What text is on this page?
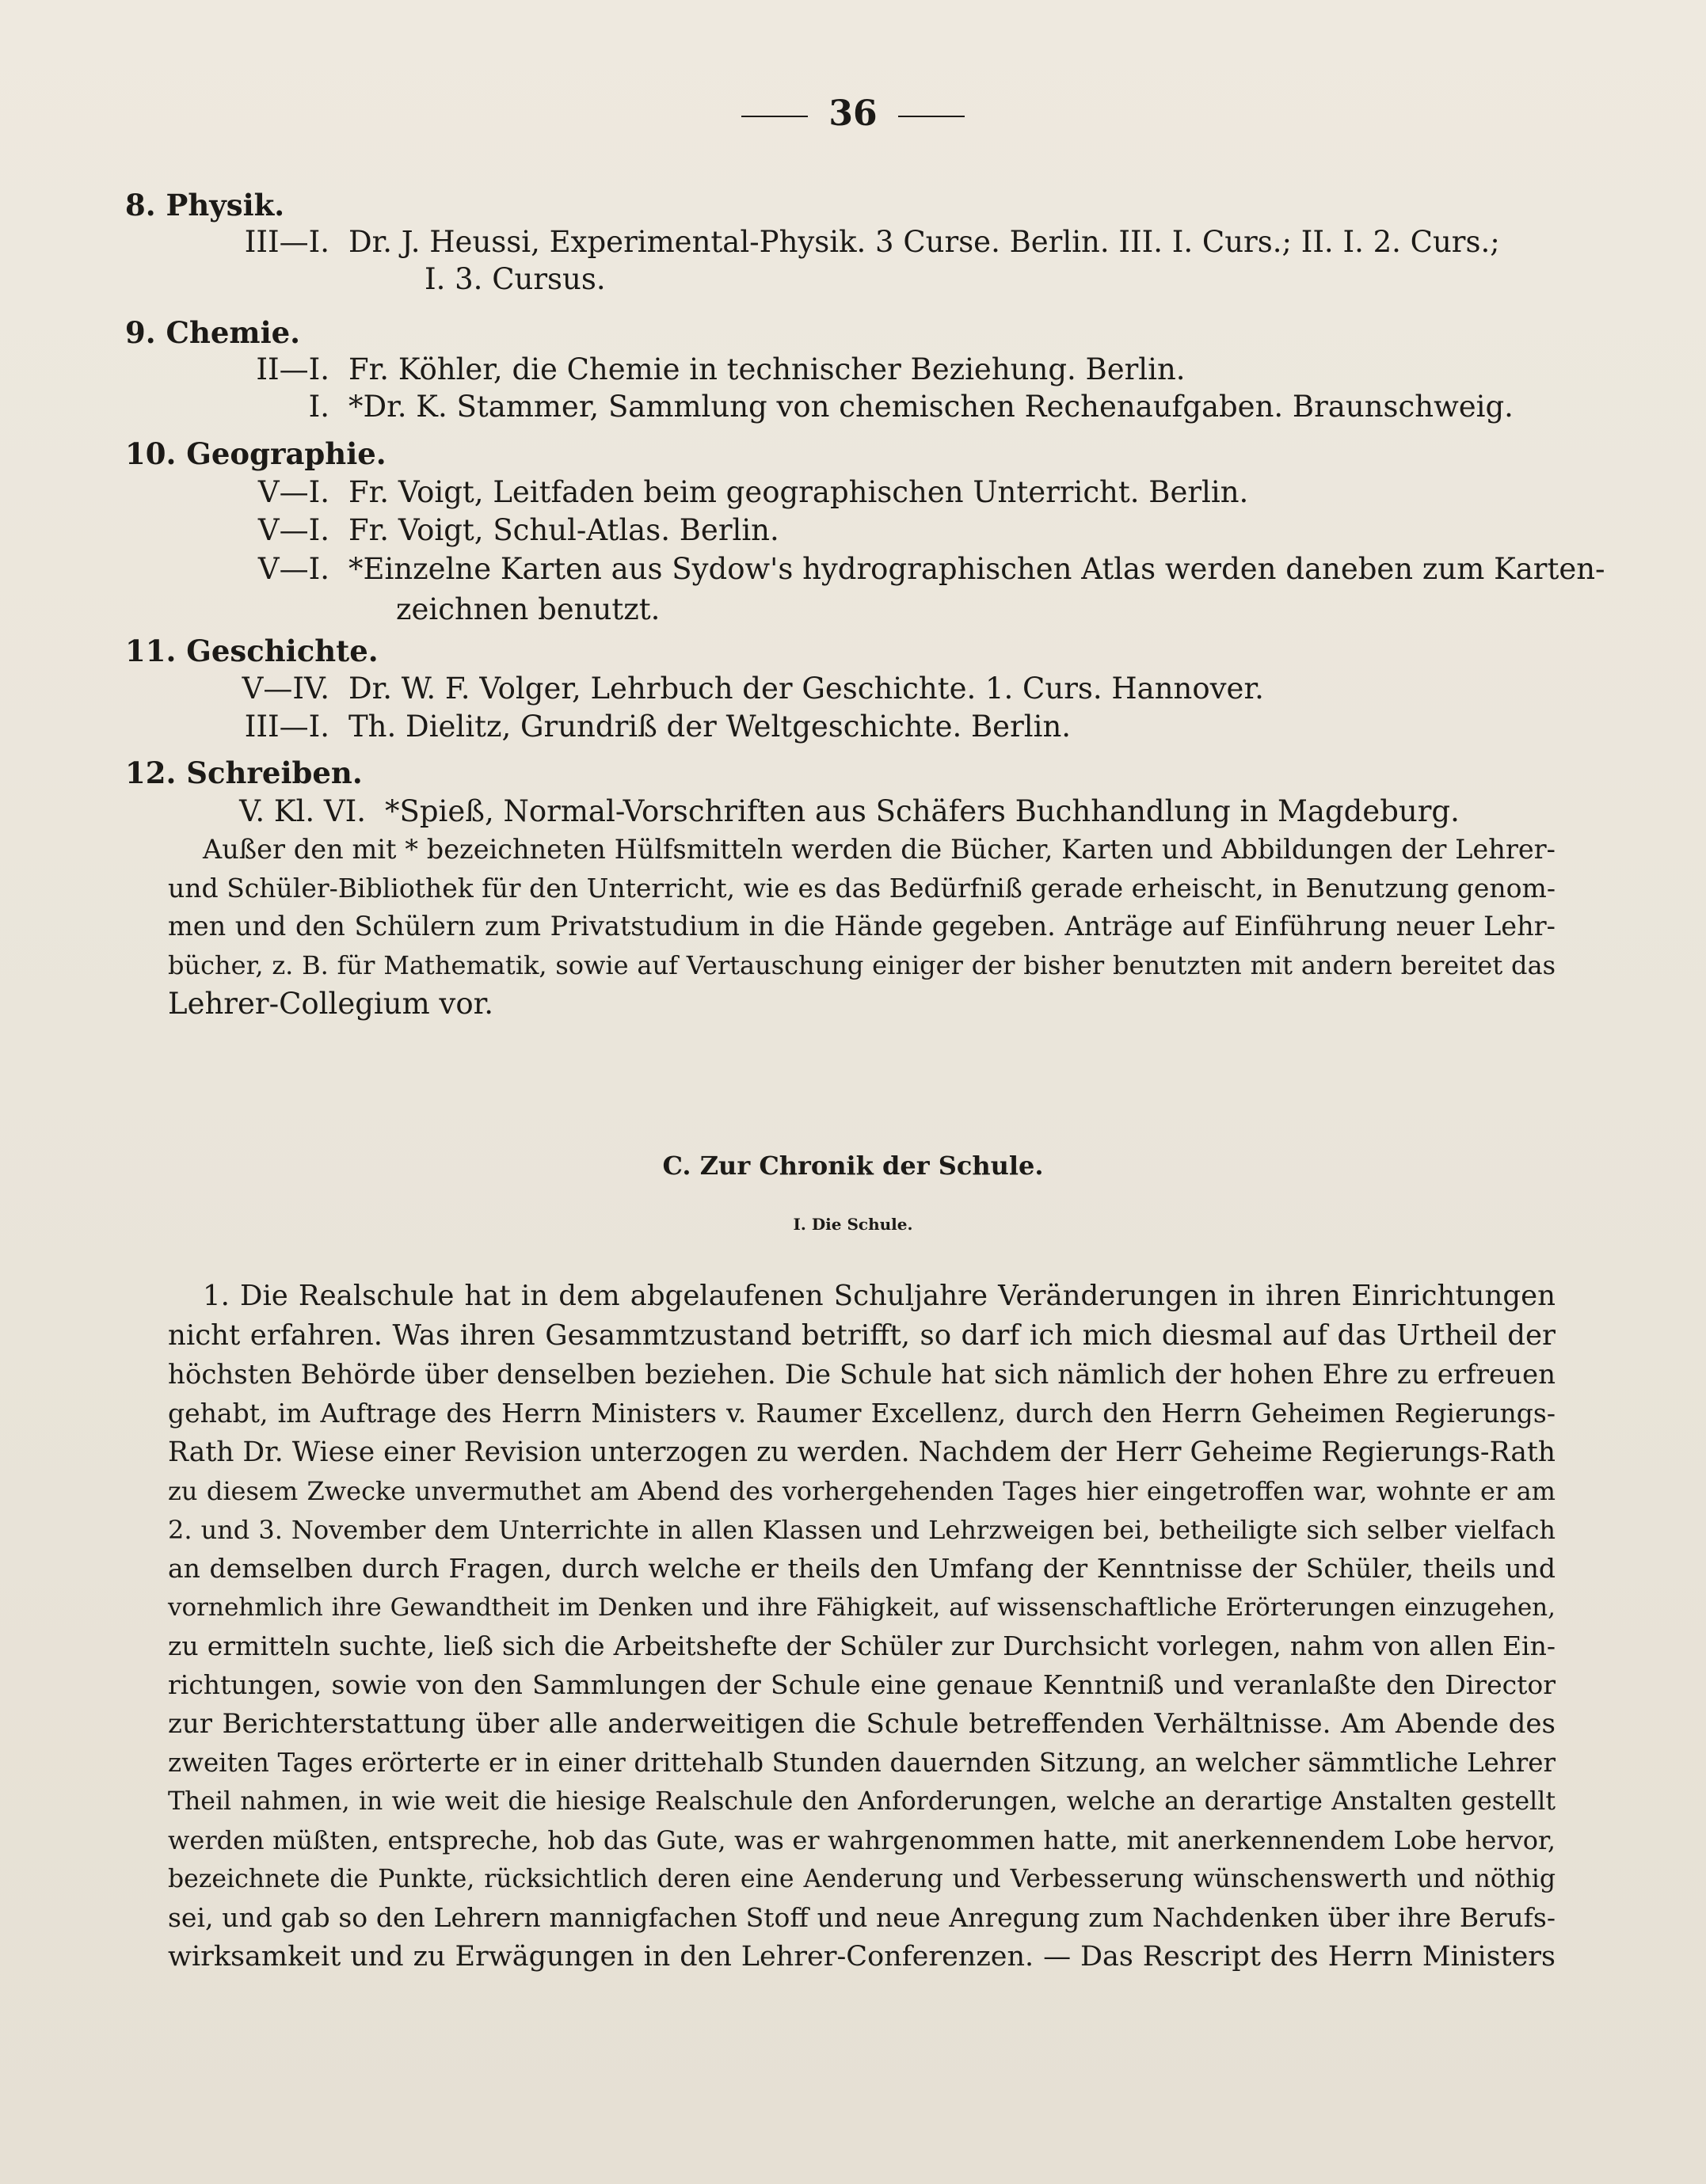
36
8. Physik.
III—I. Dr. J. Heussi, Experimental-Physik. 3 Curse. Berlin. III. I. Curs.; II. I. 2. Curs.;
I. 3. Cursus.
9. Chemie.
II—I. Fr. Köhler, die Chemie in technischer Beziehung. Berlin.
I. *Dr. K. Stammer, Sammlung von chemischen Rechenaufgaben. Braunschweig.
10. Geographie.
V—I. Fr. Voigt, Leitfaden beim geographischen Unterricht. Berlin.
V—I. Fr. Voigt, Schul-Atlas. Berlin.
V—I. *Einzelne Karten aus Sydow's hydrographischen Atlas werden daneben zum Karten-
zeichnen benutzt.
11. Geschichte.
V—IV. Dr. W. F. Volger, Lehrbuch der Geschichte. 1. Curs. Hannover.
III—I. Th. Dielitz, Grundriß der Weltgeschichte. Berlin.
12. Schreiben.
V. Kl. VI. *Spieß, Normal-Vorschriften aus Schäfers Buchhandlung in Magdeburg.
Außer den mit * bezeichneten Hülfsmitteln werden die Bücher, Karten und Abbildungen der Lehrer-
und Schüler-Bibliothek für den Unterricht, wie es das Bedürfniß gerade erheischt, in Benutzung genom-
men und den Schülern zum Privatstudium in die Hände gegeben. Anträge auf Einführung neuer Lehr-
bücher, z. B. für Mathematik, sowie auf Vertauschung einiger der bisher benutzten mit andern bereitet das
Lehrer-Collegium vor.
C. Zur Chronik der Schule.
I. Die Schule.
1. Die Realschule hat in dem abgelaufenen Schuljahre Veränderungen in ihren Einrichtungen
nicht erfahren. Was ihren Gesammtzustand betrifft, so darf ich mich diesmal auf das Urtheil der
höchsten Behörde über denselben beziehen. Die Schule hat sich nämlich der hohen Ehre zu erfreuen
gehabt, im Auftrage des Herrn Ministers v. Raumer Excellenz, durch den Herrn Geheimen Regierungs-
Rath Dr. Wiese einer Revision unterzogen zu werden. Nachdem der Herr Geheime Regierungs-Rath
zu diesem Zwecke unvermuthet am Abend des vorhergehenden Tages hier eingetroffen war, wohnte er am
2. und 3. November dem Unterrichte in allen Klassen und Lehrzweigen bei, betheiligte sich selber vielfach
an demselben durch Fragen, durch welche er theils den Umfang der Kenntnisse der Schüler, theils und
vornehmlich ihre Gewandtheit im Denken und ihre Fähigkeit, auf wissenschaftliche Erörterungen einzugehen,
zu ermitteln suchte, ließ sich die Arbeitshefte der Schüler zur Durchsicht vorlegen, nahm von allen Ein-
richtungen, sowie von den Sammlungen der Schule eine genaue Kenntniß und veranlaßte den Director
zur Berichterstattung über alle anderweitigen die Schule betreffenden Verhältnisse. Am Abende des
zweiten Tages erörterte er in einer drittehalb Stunden dauernden Sitzung, an welcher sämmtliche Lehrer
Theil nahmen, in wie weit die hiesige Realschule den Anforderungen, welche an derartige Anstalten gestellt
werden müßten, entspreche, hob das Gute, was er wahrgenommen hatte, mit anerkennendem Lobe hervor,
bezeichnete die Punkte, rücksichtlich deren eine Aenderung und Verbesserung wünschenswerth und nöthig
sei, und gab so den Lehrern mannigfachen Stoff und neue Anregung zum Nachdenken über ihre Berufs-
wirksamkeit und zu Erwägungen in den Lehrer-Conferenzen. — Das Rescript des Herrn Ministers
